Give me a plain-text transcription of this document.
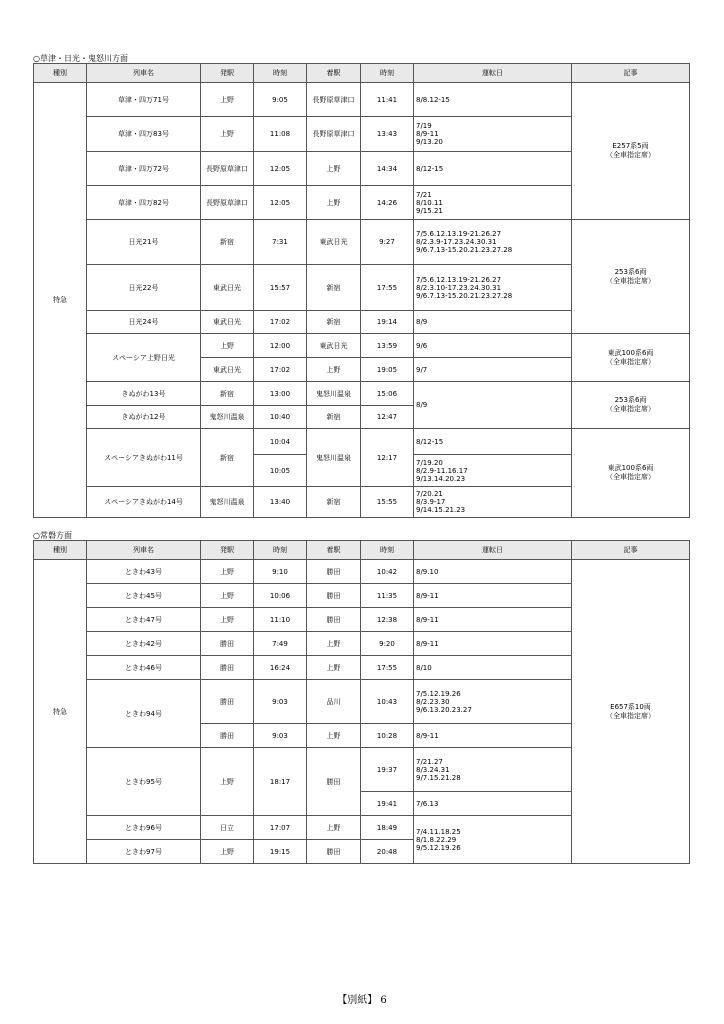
○草津・日光・鬼怒川方面
種別	列車名	発駅	時刻	着駅	時刻	運転日	記事
特急	草津・四万71号	上野	9:05	長野原草津口	11:41	8/8.12-15	E257系5両
（全車指定席）

	草津・四万83号	上野	11:08	長野原草津口	13:43	7/19
8/9-11
9/13.20	

	草津・四万72号	長野原草津口	12:05	上野	14:34	8/12-15	

	草津・四万82号	長野原草津口	12:05	上野	14:26	7/21
8/10.11
9/15.21	

	日光21号	新宿	7:31	東武日光	9:27	7/5.6.12.13.19-21.26.27
8/2.3.9-17.23.24.30.31
9/6.7.13-15.20.21.23.27.28	253系6両
（全車指定席）

	日光22号	東武日光	15:57	新宿	17:55	7/5.6.12.13.19-21.26.27
8/2.3.10-17.23.24.30.31
9/6.7.13-15.20.21.23.27.28	

	日光24号	東武日光	17:02	新宿	19:14	8/9	

	スペーシア上野日光	上野	12:00	東武日光	13:59	9/6	東武100系6両
（全車指定席）

		東武日光	17:02	上野	19:05	9/7	

	きぬがわ13号	新宿	13:00	鬼怒川温泉	15:06	8/9	253系6両
（全車指定席）

	きぬがわ12号	鬼怒川温泉	10:40	新宿	12:47		
	スペーシアきぬがわ11号	新宿	10:04	鬼怒川温泉	12:17	8/12-15	東武100系6両
（全車指定席）

			10:05			7/19.20
8/2.9-11.16.17
9/13.14.20.23	

	スペーシアきぬがわ14号	鬼怒川温泉	13:40	新宿	15:55	7/20.21
8/3.9-17
9/14.15.21.23	
○常磐方面
種別	列車名	発駅	時刻	着駅	時刻	運転日	記事
特急	ときわ43号	上野	9:10	勝田	10:42	8/9.10	E657系10両
（全車指定席）

	ときわ45号	上野	10:06	勝田	11:35	8/9-11	

	ときわ47号	上野	11:10	勝田	12:38	8/9-11	

	ときわ42号	勝田	7:49	上野	9:20	8/9-11	

	ときわ46号	勝田	16:24	上野	17:55	8/10	

	ときわ94号	勝田	9:03	品川	10:43	7/5.12.19.26
8/2.23.30
9/6.13.20.23.27	

		勝田	9:03	上野	10:28	8/9-11	

	ときわ95号	上野	18:17	勝田	19:37	7/21.27
8/3.24.31
9/7.15.21.28	

					19:41	7/6.13	

	ときわ96号	日立	17:07	上野	18:49	7/4.11.18.25
8/1.8.22.29
9/5.12.19.26	

	ときわ97号	上野	19:15	勝田	20:48		
【別紙】 6
